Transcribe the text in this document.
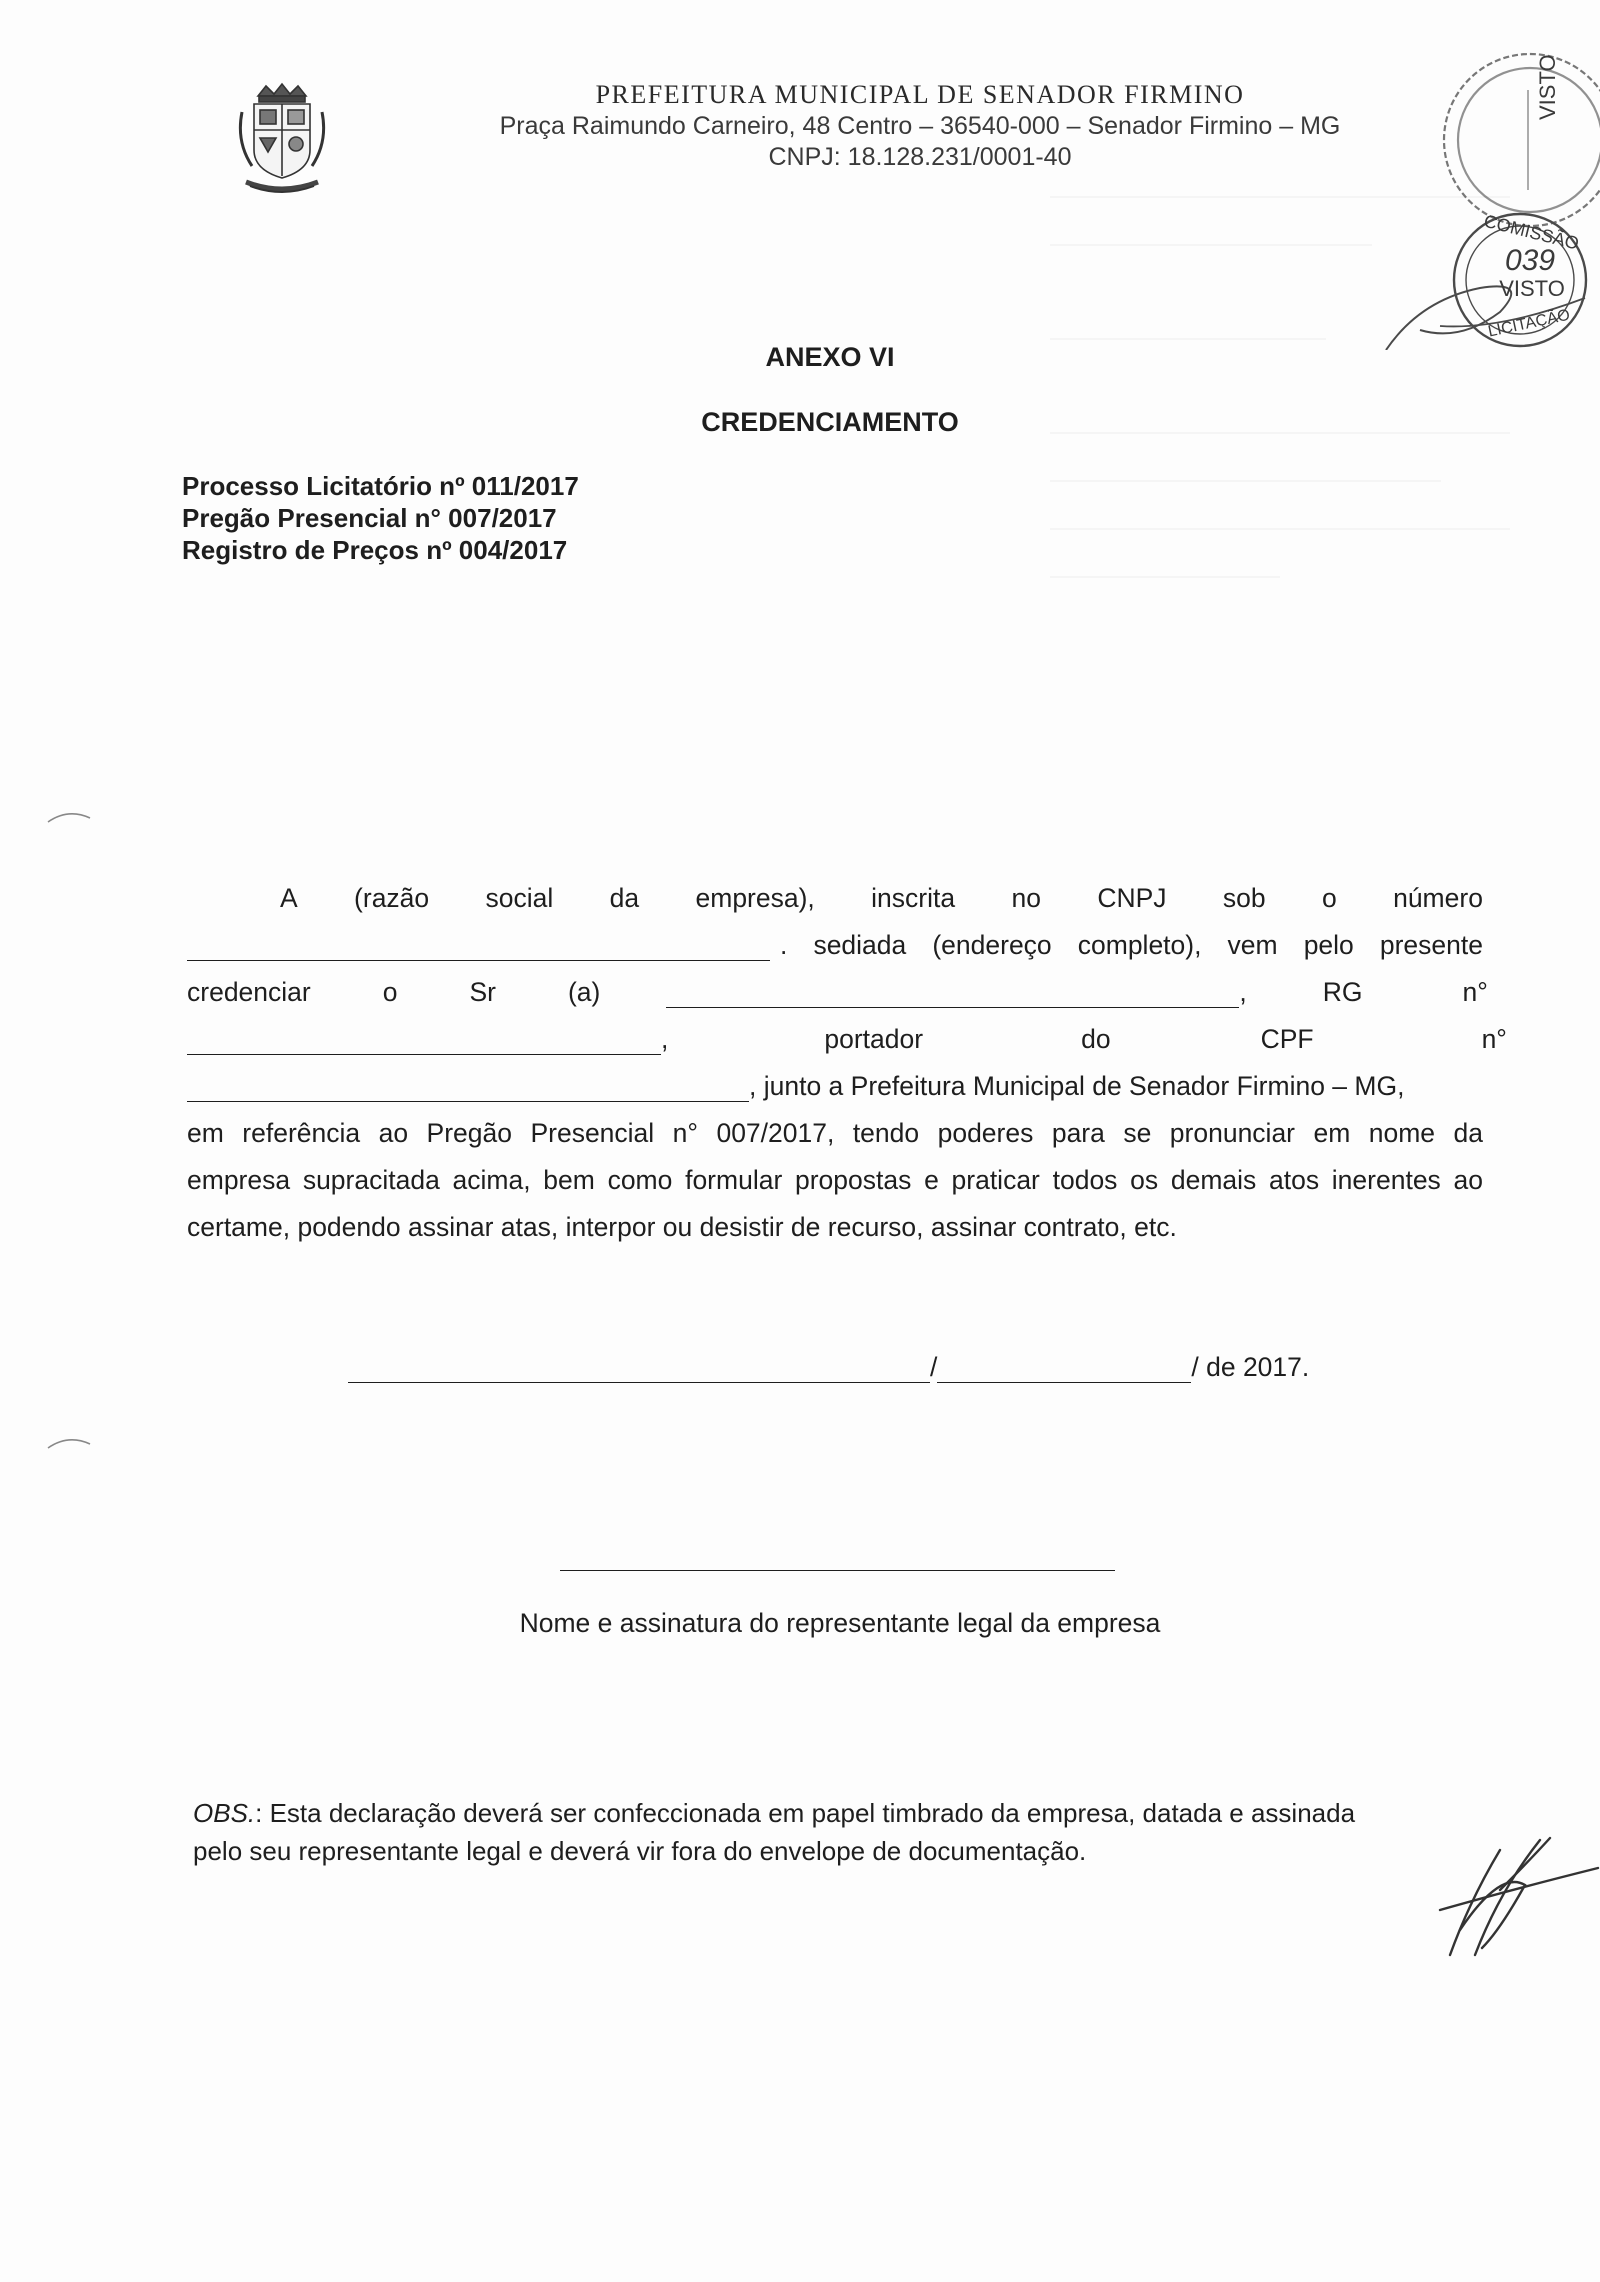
PREFEITURA MUNICIPAL DE SENADOR FIRMINO
Praça Raimundo Carneiro, 48 Centro – 36540-000 – Senador Firmino – MG
CNPJ: 18.128.231/0001-40
VISTO
COMISSÃO
039
VISTO
LICITAÇÃO
ANEXO VI
CREDENCIAMENTO
Processo Licitatório nº 011/2017
Pregão Presencial n° 007/2017
Registro de Preços nº 004/2017
A (razão social da empresa), inscrita no CNPJ sob o número
. sediada (endereço completo), vem pelo presente
credenciar	o	Sr	(a)	,	RG	n°
,	portador	do	CPF	n°
, junto a Prefeitura Municipal de Senador Firmino – MG,
em referência ao Pregão Presencial n° 007/2017, tendo poderes para se pronunciar em nome da
empresa supracitada acima, bem como formular propostas e praticar todos os demais atos inerentes ao
certame, podendo assinar atas, interpor ou desistir de recurso, assinar contrato, etc.
/	/ de 2017.
Nome e assinatura do representante legal da empresa
OBS.: Esta declaração deverá ser confeccionada em papel timbrado da empresa, datada e assinada
pelo seu representante legal e deverá vir fora do envelope de documentação.
